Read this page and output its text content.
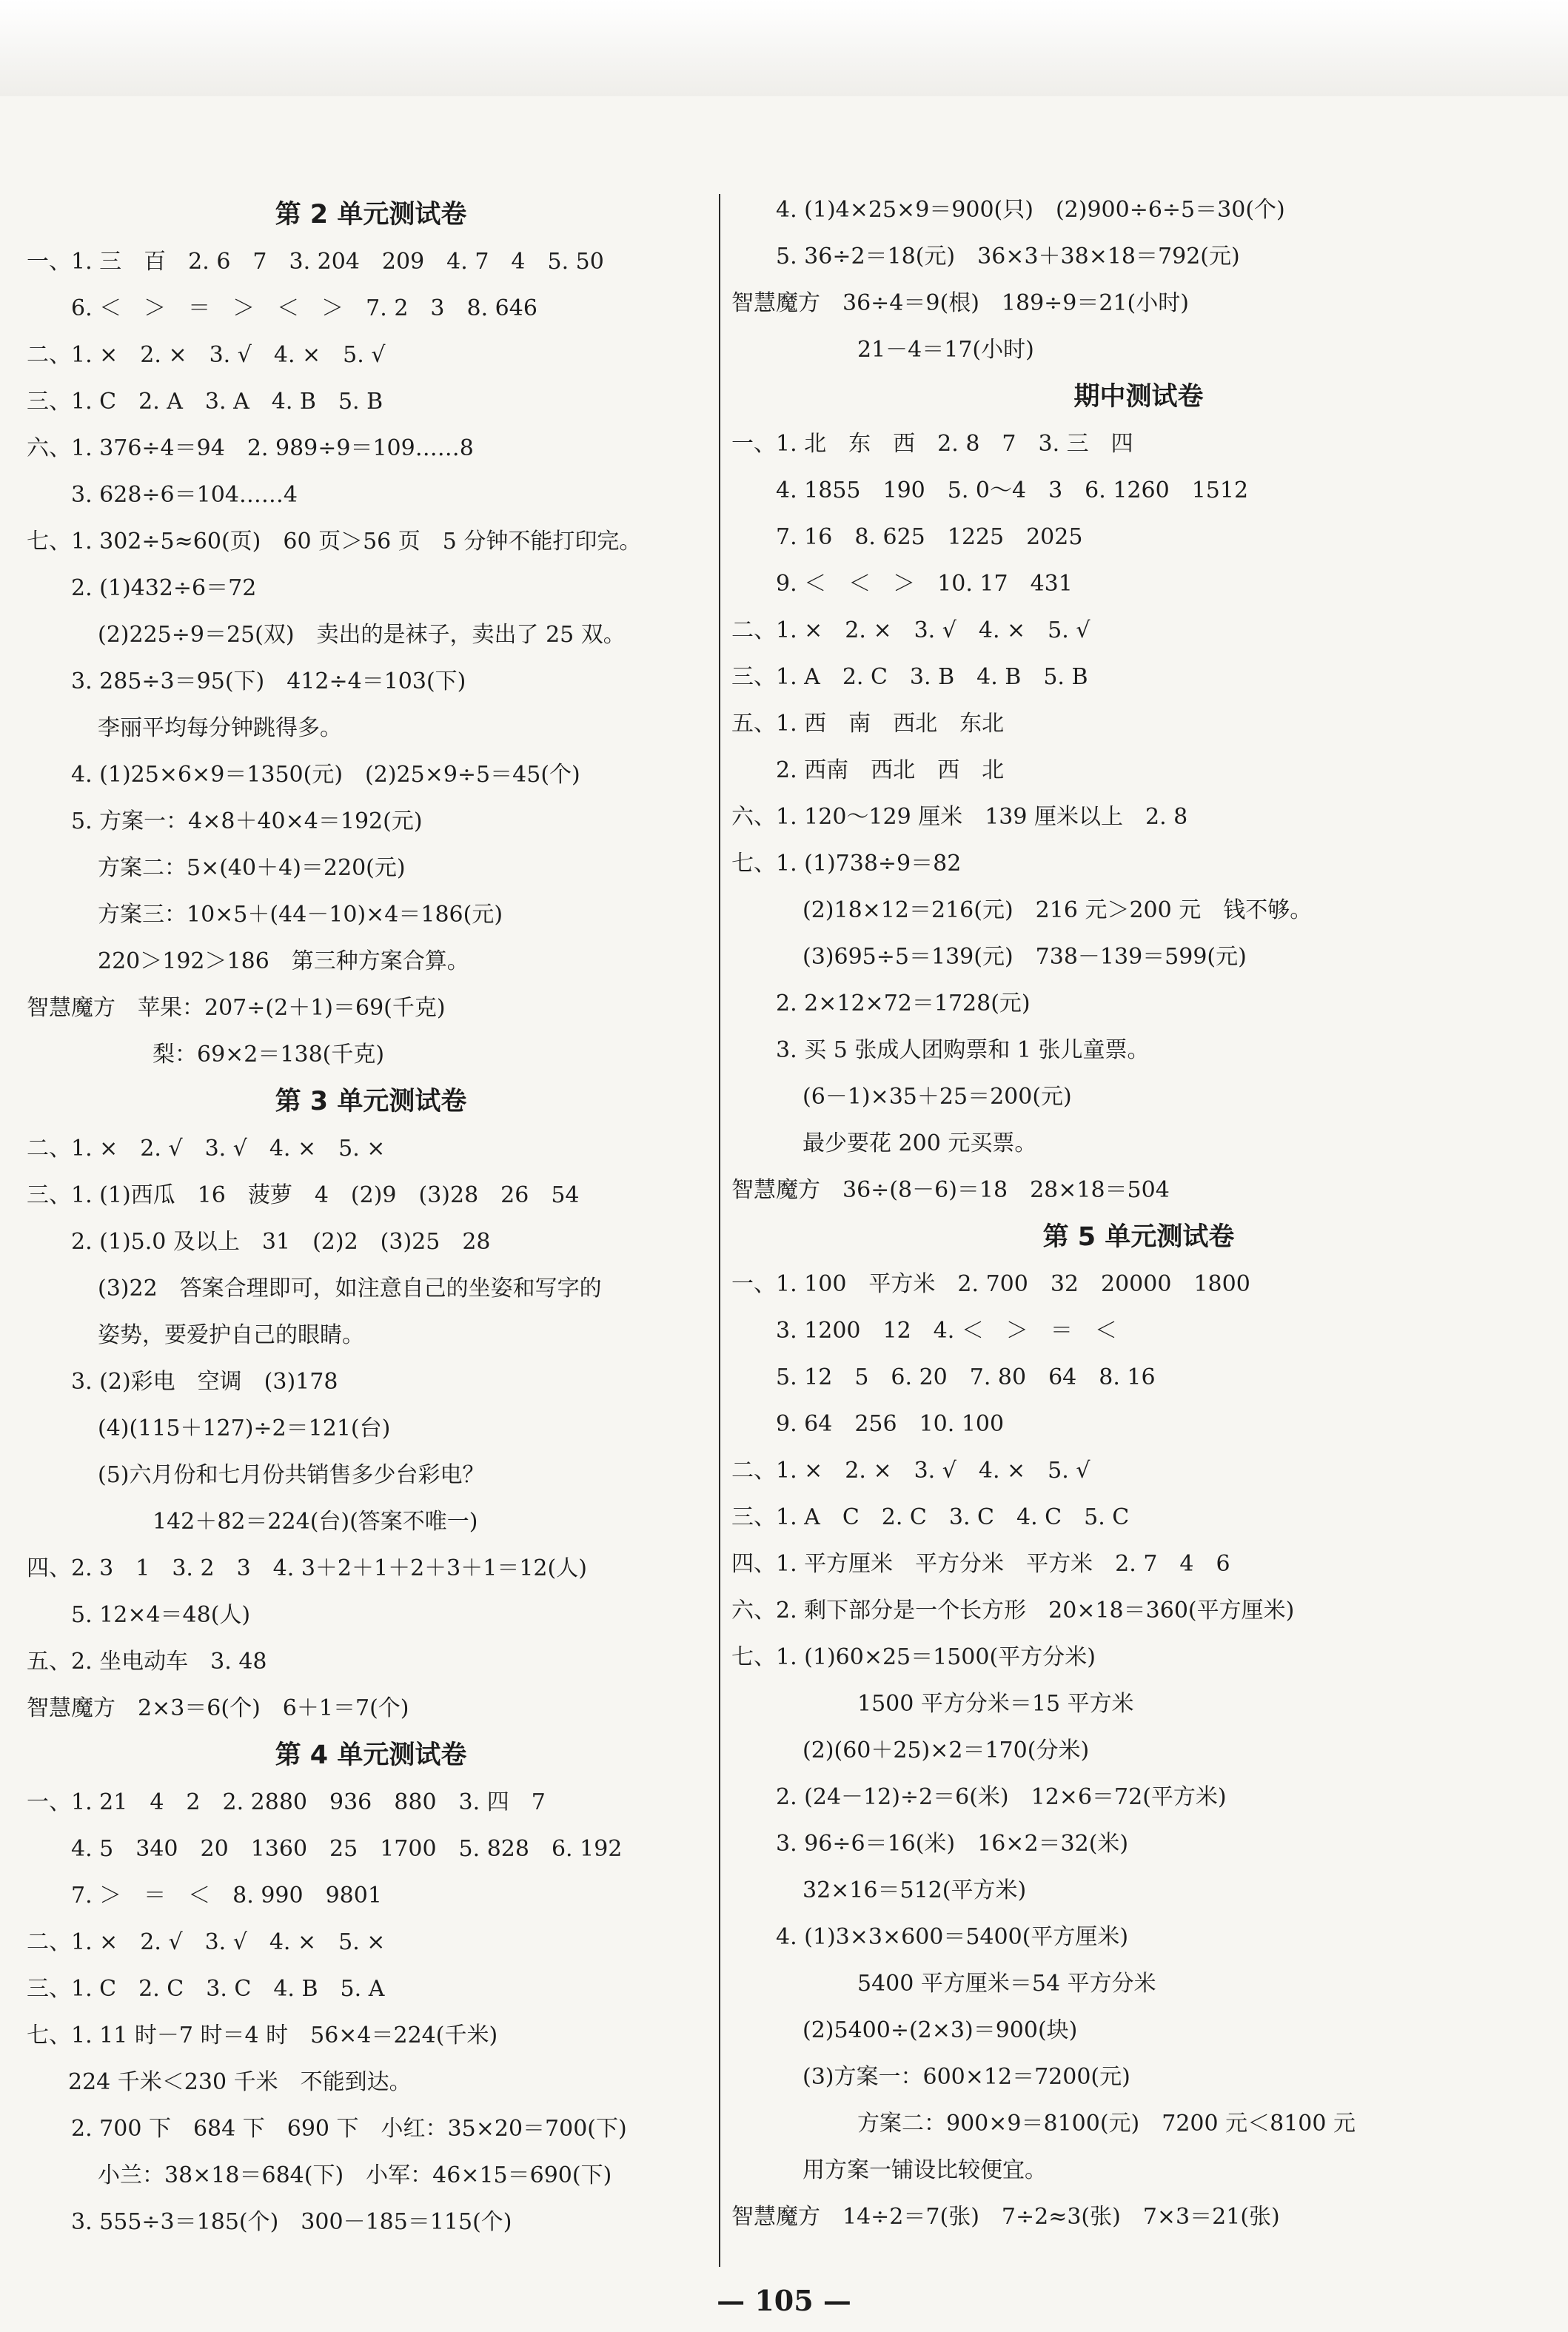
第 2 单元测试卷
一、1. 三　百　2. 6　7　3. 204　209　4. 7　4　5. 50
6. ＜　＞　＝　＞　＜　＞　7. 2　3　8. 646
二、1. ×　2. ×　3. √　4. ×　5. √
三、1. C　2. A　3. A　4. B　5. B
六、1. 376÷4＝94　2. 989÷9＝109……8
3. 628÷6＝104……4
七、1. 302÷5≈60(页)　60 页＞56 页　5 分钟不能打印完。
2. (1)432÷6＝72
(2)225÷9＝25(双)　卖出的是袜子，卖出了 25 双。
3. 285÷3＝95(下)　412÷4＝103(下)
李丽平均每分钟跳得多。
4. (1)25×6×9＝1350(元)　(2)25×9÷5＝45(个)
5. 方案一：4×8＋40×4＝192(元)
方案二：5×(40＋4)＝220(元)
方案三：10×5＋(44－10)×4＝186(元)
220＞192＞186　第三种方案合算。
智慧魔方　苹果：207÷(2＋1)＝69(千克)
梨：69×2＝138(千克)
第 3 单元测试卷
二、1. ×　2. √　3. √　4. ×　5. ×
三、1. (1)西瓜　16　菠萝　4　(2)9　(3)28　26　54
2. (1)5.0 及以上　31　(2)2　(3)25　28
(3)22　答案合理即可，如注意自己的坐姿和写字的
姿势，要爱护自己的眼睛。
3. (2)彩电　空调　(3)178
(4)(115＋127)÷2＝121(台)
(5)六月份和七月份共销售多少台彩电？
142＋82＝224(台)(答案不唯一)
四、2. 3　1　3. 2　3　4. 3＋2＋1＋2＋3＋1＝12(人)
5. 12×4＝48(人)
五、2. 坐电动车　3. 48
智慧魔方　2×3＝6(个)　6＋1＝7(个)
第 4 单元测试卷
一、1. 21　4　2　2. 2880　936　880　3. 四　7
4. 5　340　20　1360　25　1700　5. 828　6. 192
7. ＞　＝　＜　8. 990　9801
二、1. ×　2. √　3. √　4. ×　5. ×
三、1. C　2. C　3. C　4. B　5. A
七、1. 11 时－7 时＝4 时　56×4＝224(千米)
224 千米＜230 千米　不能到达。
2. 700 下　684 下　690 下　小红：35×20＝700(下)
小兰：38×18＝684(下)　小军：46×15＝690(下)
3. 555÷3＝185(个)　300－185＝115(个)
4. (1)4×25×9＝900(只)　(2)900÷6÷5＝30(个)
5. 36÷2＝18(元)　36×3＋38×18＝792(元)
智慧魔方　36÷4＝9(根)　189÷9＝21(小时)
21－4＝17(小时)
期中测试卷
一、1. 北　东　西　2. 8　7　3. 三　四
4. 1855　190　5. 0～4　3　6. 1260　1512
7. 16　8. 625　1225　2025
9. ＜　＜　＞　10. 17　431
二、1. ×　2. ×　3. √　4. ×　5. √
三、1. A　2. C　3. B　4. B　5. B
五、1. 西　南　西北　东北
2. 西南　西北　西　北
六、1. 120～129 厘米　139 厘米以上　2. 8
七、1. (1)738÷9＝82
(2)18×12＝216(元)　216 元＞200 元　钱不够。
(3)695÷5＝139(元)　738－139＝599(元)
2. 2×12×72＝1728(元)
3. 买 5 张成人团购票和 1 张儿童票。
(6－1)×35＋25＝200(元)
最少要花 200 元买票。
智慧魔方　36÷(8－6)＝18　28×18＝504
第 5 单元测试卷
一、1. 100　平方米　2. 700　32　20000　1800
3. 1200　12　4. ＜　＞　＝　＜
5. 12　5　6. 20　7. 80　64　8. 16
9. 64　256　10. 100
二、1. ×　2. ×　3. √　4. ×　5. √
三、1. A　C　2. C　3. C　4. C　5. C
四、1. 平方厘米　平方分米　平方米　2. 7　4　6
六、2. 剩下部分是一个长方形　20×18＝360(平方厘米)
七、1. (1)60×25＝1500(平方分米)
1500 平方分米＝15 平方米
(2)(60＋25)×2＝170(分米)
2. (24－12)÷2＝6(米)　12×6＝72(平方米)
3. 96÷6＝16(米)　16×2＝32(米)
32×16＝512(平方米)
4. (1)3×3×600＝5400(平方厘米)
5400 平方厘米＝54 平方分米
(2)5400÷(2×3)＝900(块)
(3)方案一：600×12＝7200(元)
方案二：900×9＝8100(元)　7200 元＜8100 元
用方案一铺设比较便宜。
智慧魔方　14÷2＝7(张)　7÷2≈3(张)　7×3＝21(张)
— 105 —
